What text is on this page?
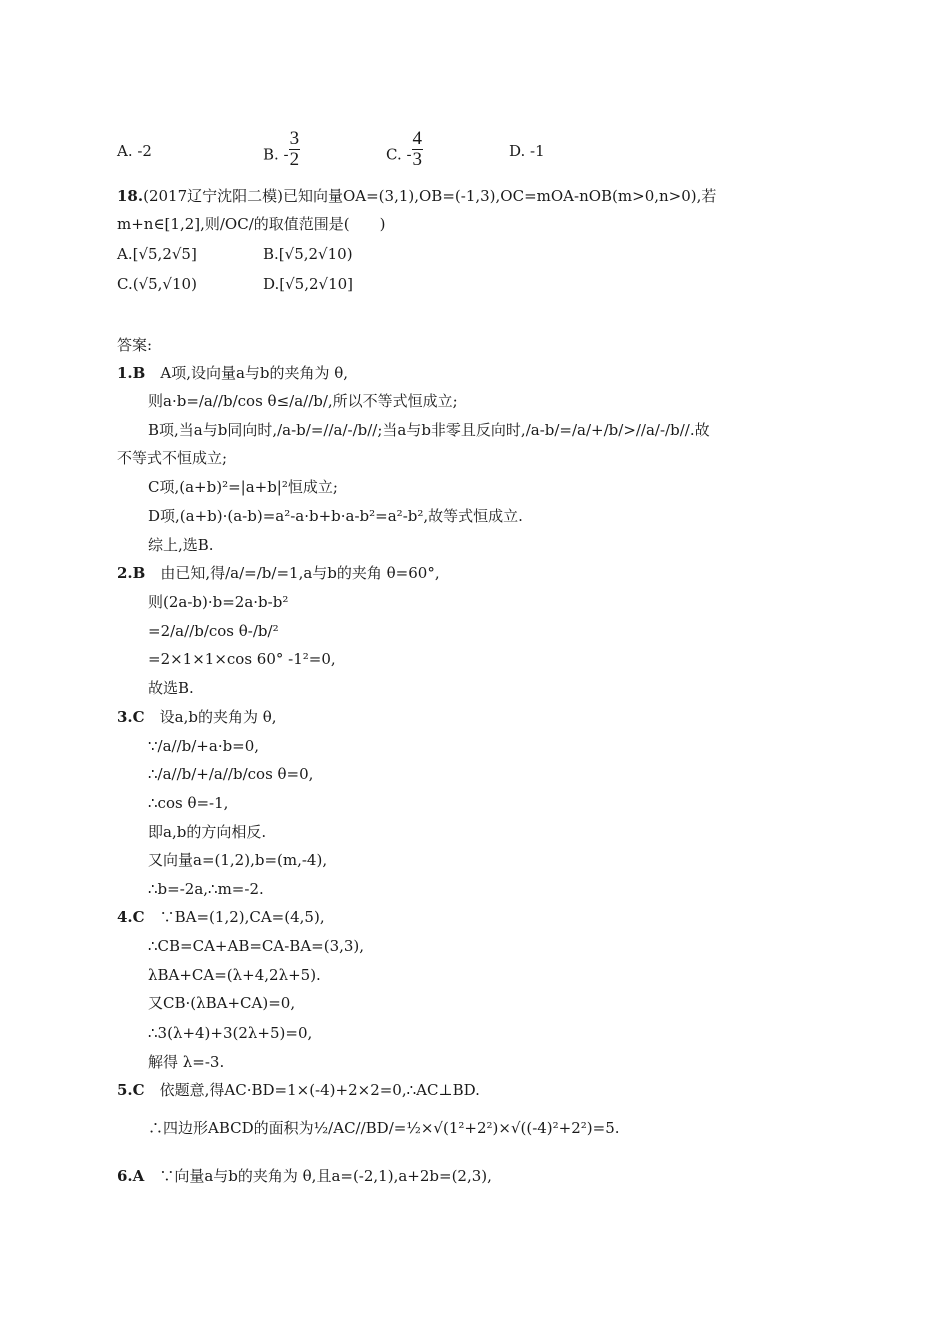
A. -2	B. - $\frac{3}{2}$	C. - $\frac{4}{3}$	D. -1
18.(2017辽宁沈阳二模)已知向量OA=(3,1),OB=(-1,3),OC=mOA-nOB(m>0,n>0),若
m+n∈[1,2],则/OC/的取值范围是(　　)
A.[√5,2√5]	B.[√5,2√10)
C.(√5,√10)	D.[√5,2√10]
答案:
1.B　 A项,设向量a与b的夹角为 θ,
则a·b=/a//b/cos θ≤/a//b/,所以不等式恒成立;
B项,当a与b同向时,/a-b/=//a/-/b//;当a与b非零且反向时,/a-b/=/a/+/b/>//a/-/b//.故
不等式不恒成立;
C项,(a+b)²=|a+b|²恒成立;
D项,(a+b)·(a-b)=a²-a·b+b·a-b²=a²-b²,故等式恒成立.
综上,选B.
2.B　 由已知,得/a/=/b/=1,a与b的夹角 θ=60°,
则(2a-b)·b=2a·b-b²
=2/a//b/cos θ-/b/²
=2×1×1×cos 60° -1²=0,
故选B.
3.C　 设a,b的夹角为 θ,
∵/a//b/+a·b=0,
∴/a//b/+/a//b/cos θ=0,
∴cos θ=-1,
即a,b的方向相反.
又向量a=(1,2),b=(m,-4),
∴b=-2a,∴m=-2.
4.C　 ∵BA=(1,2),CA=(4,5),
∴CB=CA+AB=CA-BA=(3,3),
λBA+CA=(λ+4,2λ+5).
又CB·(λBA+CA)=0,
∴3(λ+4)+3(2λ+5)=0,
解得 λ=-3.
5.C　 依题意,得AC·BD=1×(-4)+2×2=0,∴AC⊥BD.
∴四边形ABCD的面积为½/AC//BD/=½×√(1²+2²)×√((-4)²+2²)=5.
6.A　 ∵向量a与b的夹角为 θ,且a=(-2,1),a+2b=(2,3),
